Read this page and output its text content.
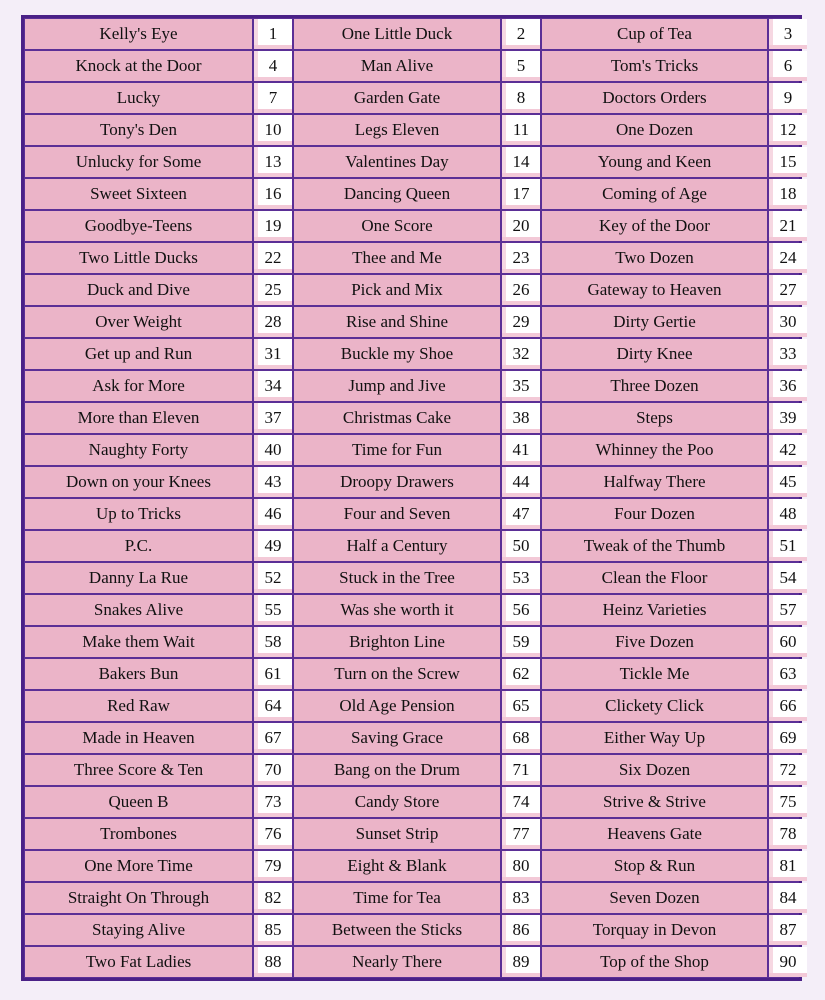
Kelly's Eye	1	One Little Duck	2	Cup of Tea	3
Knock at the Door	4	Man Alive	5	Tom's Tricks	6
Lucky	7	Garden Gate	8	Doctors Orders	9
Tony's Den	10	Legs Eleven	11	One Dozen	12
Unlucky for Some	13	Valentines Day	14	Young and Keen	15
Sweet Sixteen	16	Dancing Queen	17	Coming of Age	18
Goodbye-Teens	19	One Score	20	Key of the Door	21
Two Little Ducks	22	Thee and Me	23	Two Dozen	24
Duck and Dive	25	Pick and Mix	26	Gateway to Heaven	27
Over Weight	28	Rise and Shine	29	Dirty Gertie	30
Get up and Run	31	Buckle my Shoe	32	Dirty Knee	33
Ask for More	34	Jump and Jive	35	Three Dozen	36
More than Eleven	37	Christmas Cake	38	Steps	39
Naughty Forty	40	Time for Fun	41	Whinney the Poo	42
Down on your Knees	43	Droopy Drawers	44	Halfway There	45
Up to Tricks	46	Four and Seven	47	Four Dozen	48
P.C.	49	Half a Century	50	Tweak of the Thumb	51
Danny La Rue	52	Stuck in the Tree	53	Clean the Floor	54
Snakes Alive	55	Was she worth it	56	Heinz Varieties	57
Make them Wait	58	Brighton Line	59	Five Dozen	60
Bakers Bun	61	Turn on the Screw	62	Tickle Me	63
Red Raw	64	Old Age Pension	65	Clickety Click	66
Made in Heaven	67	Saving Grace	68	Either Way Up	69
Three Score & Ten	70	Bang on the Drum	71	Six Dozen	72
Queen B	73	Candy Store	74	Strive & Strive	75
Trombones	76	Sunset Strip	77	Heavens Gate	78
One More Time	79	Eight & Blank	80	Stop & Run	81
Straight On Through	82	Time for Tea	83	Seven Dozen	84
Staying Alive	85	Between the Sticks	86	Torquay in Devon	87
Two Fat Ladies	88	Nearly There	89	Top of the Shop	90
